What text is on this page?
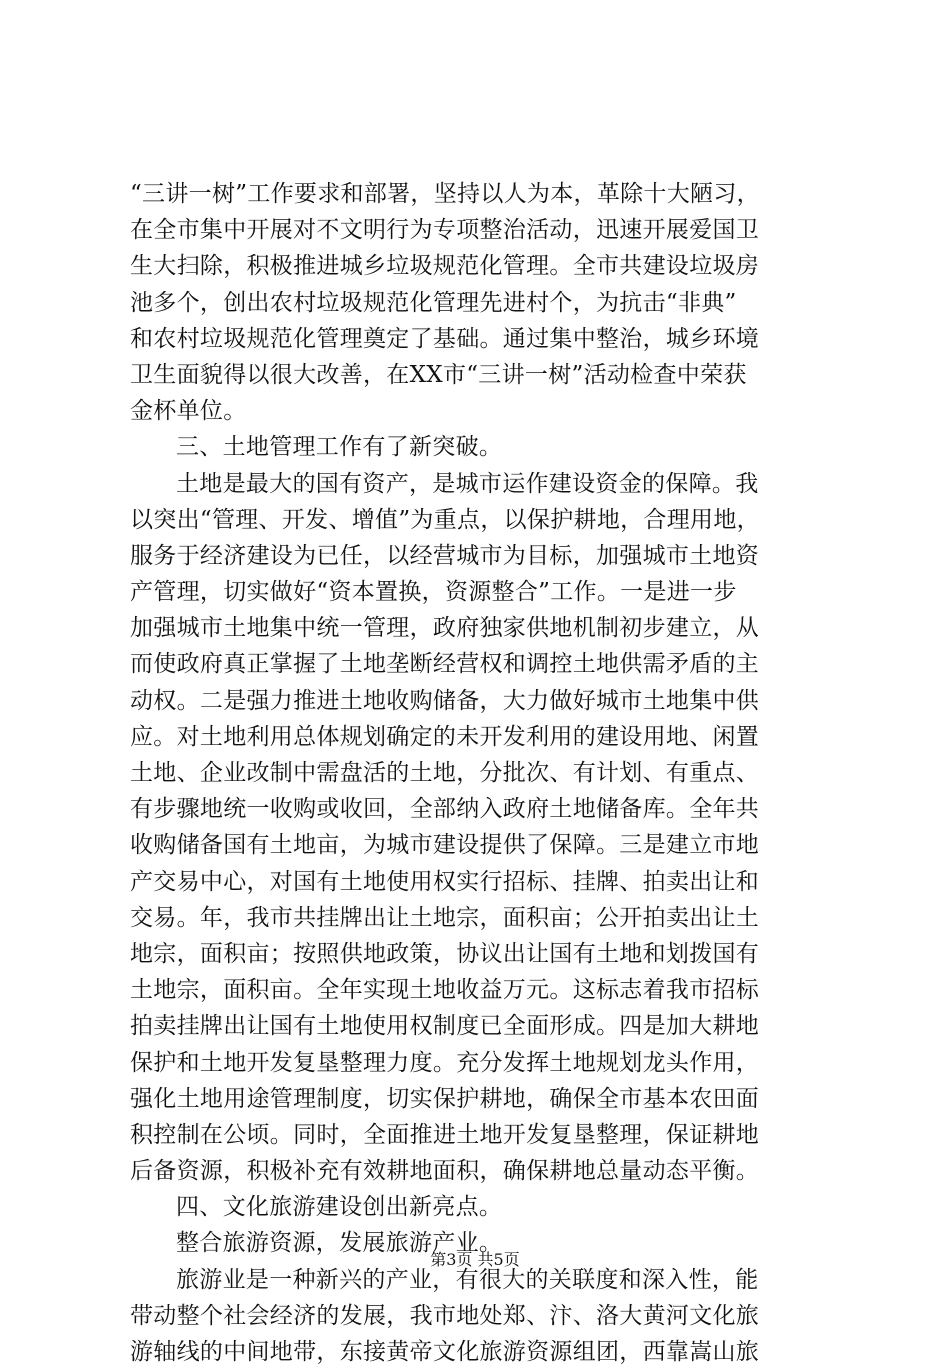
“三讲一树”工作要求和部署，坚持以人为本，革除十大陋习，
在全市集中开展对不文明行为专项整治活动，迅速开展爱国卫
生大扫除，积极推进城乡垃圾规范化管理。全市共建设垃圾房
池多个，创出农村垃圾规范化管理先进村个，为抗击“非典”
和农村垃圾规范化管理奠定了基础。通过集中整治，城乡环境
卫生面貌得以很大改善，在XX市“三讲一树”活动检查中荣获
金杯单位。
三、土地管理工作有了新突破。
土地是最大的国有资产，是城市运作建设资金的保障。我
以突出“管理、开发、增值”为重点，以保护耕地，合理用地，
服务于经济建设为已任，以经营城市为目标，加强城市土地资
产管理，切实做好“资本置换，资源整合”工作。一是进一步
加强城市土地集中统一管理，政府独家供地机制初步建立，从
而使政府真正掌握了土地垄断经营权和调控土地供需矛盾的主
动权。二是强力推进土地收购储备，大力做好城市土地集中供
应。对土地利用总体规划确定的未开发利用的建设用地、闲置
土地、企业改制中需盘活的土地，分批次、有计划、有重点、
有步骤地统一收购或收回，全部纳入政府土地储备库。全年共
收购储备国有土地亩，为城市建设提供了保障。三是建立市地
产交易中心，对国有土地使用权实行招标、挂牌、拍卖出让和
交易。年，我市共挂牌出让土地宗，面积亩；公开拍卖出让土
地宗，面积亩；按照供地政策，协议出让国有土地和划拨国有
土地宗，面积亩。全年实现土地收益万元。这标志着我市招标
拍卖挂牌出让国有土地使用权制度已全面形成。四是加大耕地
保护和土地开发复垦整理力度。充分发挥土地规划龙头作用，
强化土地用途管理制度，切实保护耕地，确保全市基本农田面
积控制在公顷。同时，全面推进土地开发复垦整理，保证耕地
后备资源，积极补充有效耕地面积，确保耕地总量动态平衡。
四、文化旅游建设创出新亮点。
整合旅游资源，发展旅游产业。
旅游业是一种新兴的产业，有很大的关联度和深入性，能
带动整个社会经济的发展，我市地处郑、汴、洛大黄河文化旅
游轴线的中间地带，东接黄帝文化旅游资源组团，西靠嵩山旅
第3页 共5页
